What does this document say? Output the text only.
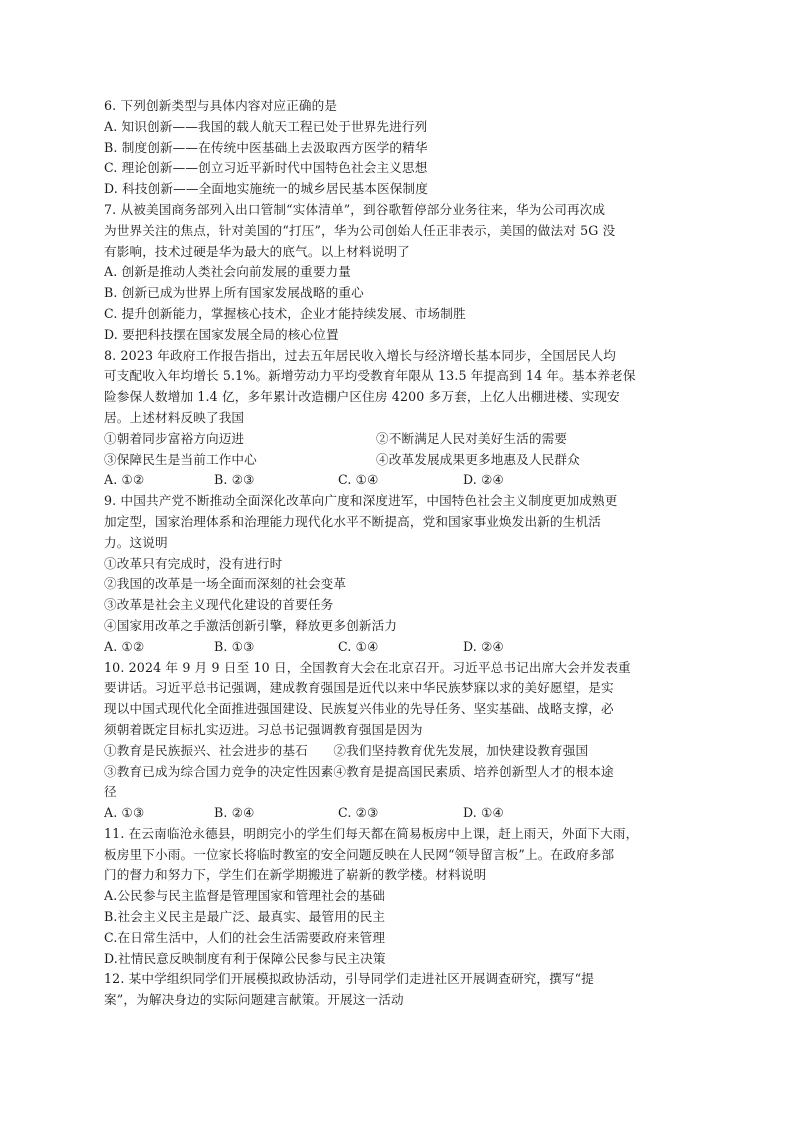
6. 下列创新类型与具体内容对应正确的是
A. 知识创新——我国的载人航天工程已处于世界先进行列
B. 制度创新——在传统中医基础上去汲取西方医学的精华
C. 理论创新——创立习近平新时代中国特色社会主义思想
D. 科技创新——全面地实施统一的城乡居民基本医保制度
7. 从被美国商务部列入出口管制“实体清单”，到谷歌暂停部分业务往来，华为公司再次成
为世界关注的焦点，针对美国的“打压”，华为公司创始人任正非表示，美国的做法对 5G 没
有影响，技术过硬是华为最大的底气。以上材料说明了
A. 创新是推动人类社会向前发展的重要力量
B. 创新已成为世界上所有国家发展战略的重心
C. 提升创新能力，掌握核心技术，企业才能持续发展、市场制胜
D. 要把科技摆在国家发展全局的核心位置
8. 2023 年政府工作报告指出，过去五年居民收入增长与经济增长基本同步，全国居民人均
可支配收入年均增长 5.1%。新增劳动力平均受教育年限从 13.5 年提高到 14 年。基本养老保
险参保人数增加 1.4 亿，多年累计改造棚户区住房 4200 多万套，上亿人出棚进楼、实现安
居。上述材料反映了我国
①朝着同步富裕方向迈进	②不断满足人民对美好生活的需要
③保障民生是当前工作中心	④改革发展成果更多地惠及人民群众
A. ①②	B. ②③	C. ①④	D. ②④
9. 中国共产党不断推动全面深化改革向广度和深度进军，中国特色社会主义制度更加成熟更
加定型，国家治理体系和治理能力现代化水平不断提高，党和国家事业焕发出新的生机活
力。这说明
①改革只有完成时，没有进行时
②我国的改革是一场全面而深刻的社会变革
③改革是社会主义现代化建设的首要任务
④国家用改革之手激活创新引擎，释放更多创新活力
A. ①②	B. ①③	C. ①④	D. ②④
10. 2024 年 9 月 9 日至 10 日，全国教育大会在北京召开。习近平总书记出席大会并发表重
要讲话。习近平总书记强调，建成教育强国是近代以来中华民族梦寐以求的美好愿望，是实
现以中国式现代化全面推进强国建设、民族复兴伟业的先导任务、坚实基础、战略支撑，必
须朝着既定目标扎实迈进。习总书记强调教育强国是因为
①教育是民族振兴、社会进步的基石　　②我们坚持教育优先发展，加快建设教育强国
③教育已成为综合国力竞争的决定性因素④教育是提高国民素质、培养创新型人才的根本途
径
A. ①③	B. ②④	C. ②③	D. ①④
11. 在云南临沧永德县，明朗完小的学生们每天都在简易板房中上课，赶上雨天，外面下大雨，
板房里下小雨。一位家长将临时教室的安全问题反映在人民网“领导留言板”上。在政府多部
门的督力和努力下，学生们在新学期搬进了崭新的教学楼。材料说明
A.公民参与民主监督是管理国家和管理社会的基础
B.社会主义民主是最广泛、最真实、最管用的民主
C.在日常生活中，人们的社会生活需要政府来管理
D.社情民意反映制度有利于保障公民参与民主决策
12. 某中学组织同学们开展模拟政协活动，引导同学们走进社区开展调查研究，撰写“提
案”，为解决身边的实际问题建言献策。开展这一活动
